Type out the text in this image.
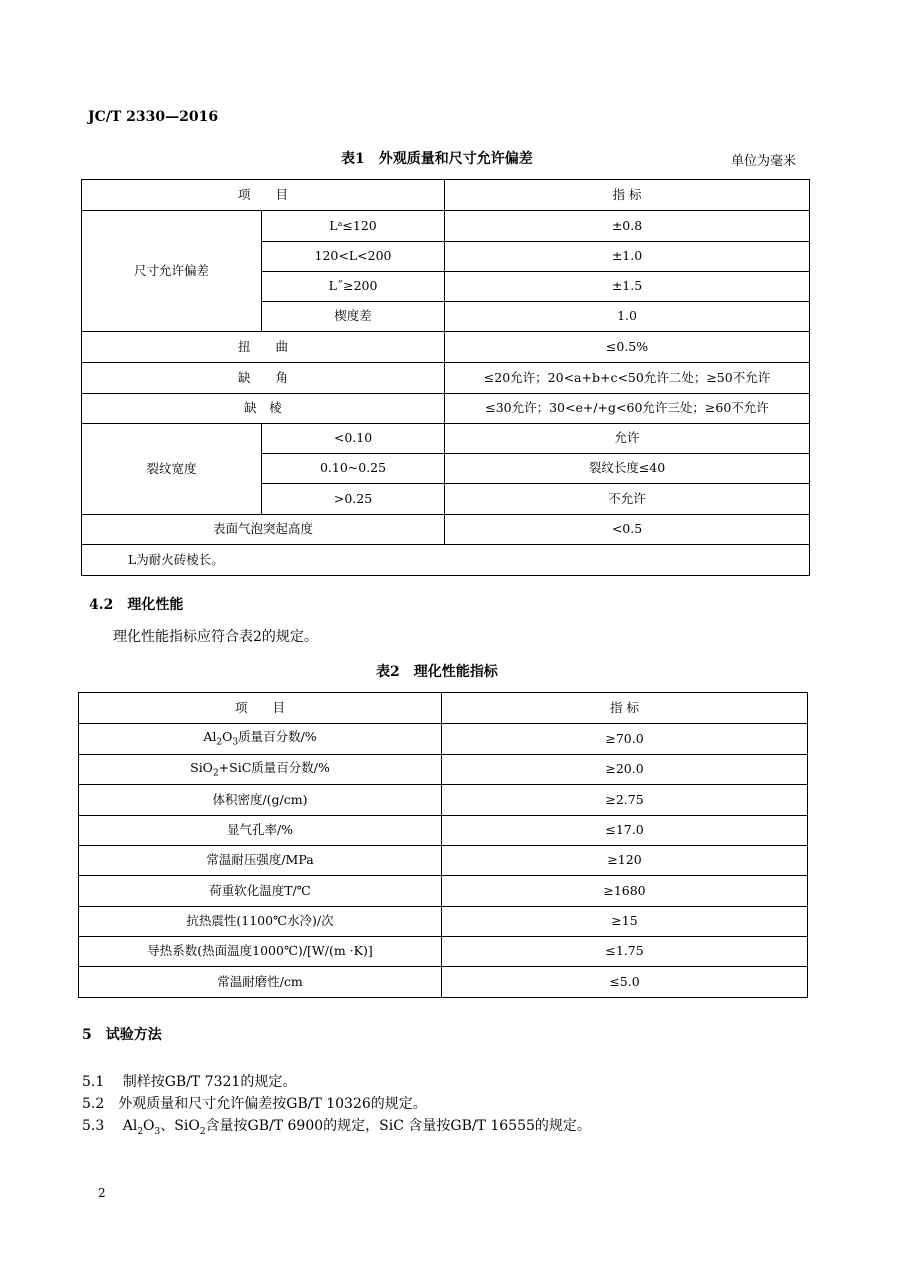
JC/T 2330—2016
表1　外观质量和尺寸允许偏差	单位为毫米
项　　目		指 标
尺寸允许偏差	Lᵃ≤120	±0.8
	120<L<200	±1.0
	L˝≥200	±1.5
	楔度差	1.0
扭　　曲		≤0.5%
缺　　角		≤20允许；20<a+b+c<50允许二处；≥50不允许
缺　棱		≤30允许；30<e+/+g<60允许三处；≥60不允许
裂纹宽度	<0.10	允许
	0.10~0.25	裂纹长度≤40
	>0.25	不允许
表面气泡突起高度		<0.5
L为耐火砖棱长。		
4.2　理化性能
理化性能指标应符合表2的规定。
表2　理化性能指标
项　　目	指 标
$Al_2O_3$质量百分数/%	≥70.0
SiO$_2$+SiC质量百分数/%	≥20.0
体积密度/(g/cm)	≥2.75
显气孔率/%	≤17.0
常温耐压强度/MPa	≥120
荷重软化温度T/℃	≥1680
抗热震性(1100℃水冷)/次	≥15
导热系数(热面温度1000℃)/[W/(m ·K)]	≤1.75
常温耐磨性/cm	≤5.0
5　试验方法
5.1　 制样按GB/T 7321的规定。
5.2　外观质量和尺寸允许偏差按GB/T 10326的规定。
5.3　 $Al_2O_3$、SiO$_2$含量按GB/T 6900的规定，SiC 含量按GB/T 16555的规定。
2
